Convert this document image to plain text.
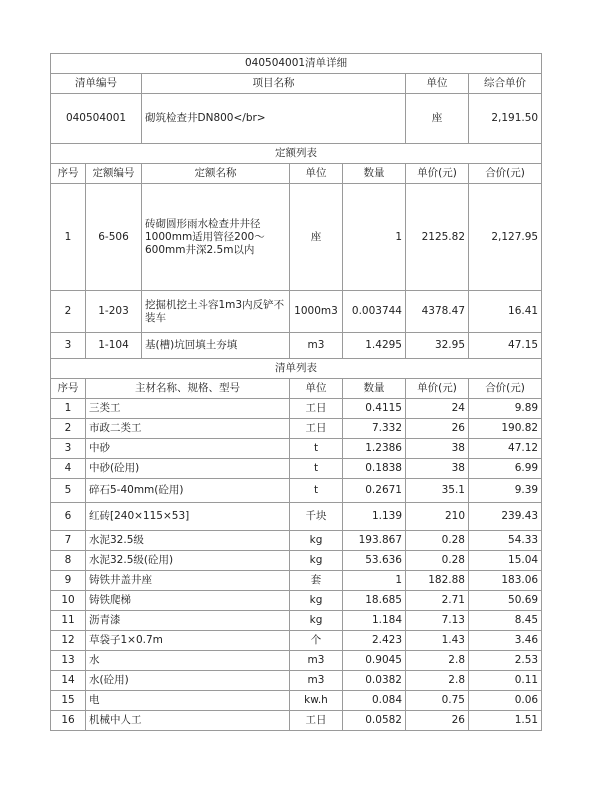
040504001清单详细						
清单编号		项目名称			单位	综合单价
040504001		砌筑检查井DN800</br>			座	2,191.50
定额列表						
序号	定额编号	定额名称	单位	数量	单价(元)	合价(元)
1	6-506	砖砌圆形雨水检查井井径1000mm适用管径200～600mm井深2.5m以内	座	1	2125.82	2,127.95
2	1-203	挖掘机挖土斗容1m3内反铲不装车	1000m3	0.003744	4378.47	16.41
3	1-104	基(槽)坑回填土夯填	m3	1.4295	32.95	47.15
清单列表						
序号	主材名称、规格、型号		单位	数量	单价(元)	合价(元)
1	三类工		工日	0.4115	24	9.89
2	市政二类工		工日	7.332	26	190.82
3	中砂		t	1.2386	38	47.12
4	中砂(砼用)		t	0.1838	38	6.99
5	碎石5-40mm(砼用)		t	0.2671	35.1	9.39
6	红砖[240×115×53]		千块	1.139	210	239.43
7	水泥32.5级		kg	193.867	0.28	54.33
8	水泥32.5级(砼用)		kg	53.636	0.28	15.04
9	铸铁井盖井座		套	1	182.88	183.06
10	铸铁爬梯		kg	18.685	2.71	50.69
11	沥青漆		kg	1.184	7.13	8.45
12	草袋子1×0.7m		个	2.423	1.43	3.46
13	水		m3	0.9045	2.8	2.53
14	水(砼用)		m3	0.0382	2.8	0.11
15	电		kw.h	0.084	0.75	0.06
16	机械中人工		工日	0.0582	26	1.51
